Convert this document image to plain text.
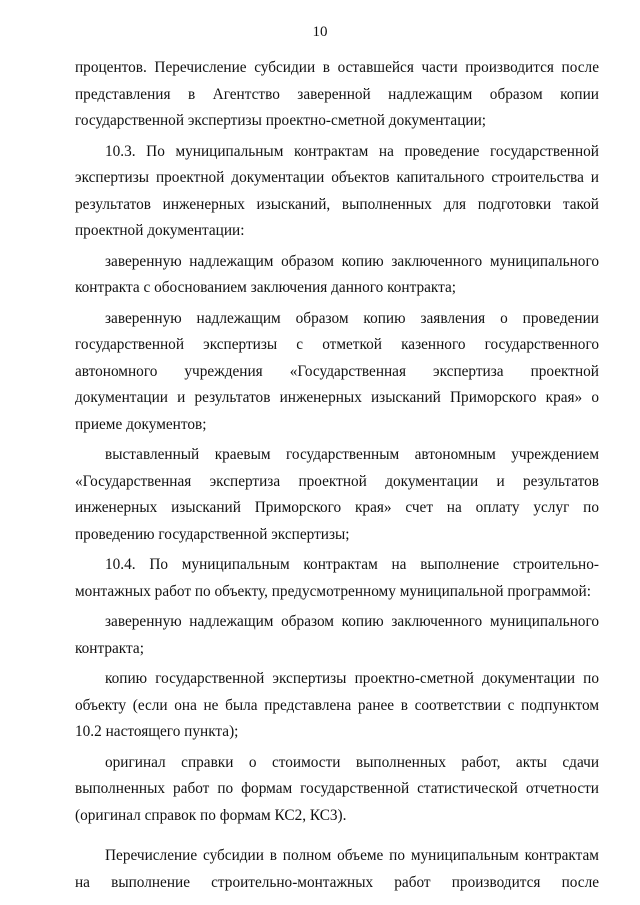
10

процентов. Перечисление субсидии в оставшейся части производится после представления в Агентство заверенной надлежащим образом копии государственной экспертизы проектно-сметной документации;

10.3. По муниципальным контрактам на проведение государственной экспертизы проектной документации объектов капитального строительства и результатов инженерных изысканий, выполненных для подготовки такой проектной документации:

заверенную надлежащим образом копию заключенного муниципального контракта с обоснованием заключения данного контракта;

заверенную надлежащим образом копию заявления о проведении государственной экспертизы с отметкой казенного государственного автономного учреждения «Государственная экспертиза проектной документации и результатов инженерных изысканий Приморского края» о приеме документов;

выставленный краевым государственным автономным учреждением «Государственная экспертиза проектной документации и результатов инженерных изысканий Приморского края» счет на оплату услуг по проведению государственной экспертизы;

10.4. По муниципальным контрактам на выполнение строительно-монтажных работ по объекту, предусмотренному муниципальной программой:

заверенную надлежащим образом копию заключенного муниципального контракта;

копию государственной экспертизы проектно-сметной документации по объекту (если она не была представлена ранее в соответствии с подпунктом 10.2 настоящего пункта);

оригинал справки о стоимости выполненных работ, акты сдачи выполненных работ по формам государственной статистической отчетности (оригинал справок по формам КС2, КС3).

Перечисление субсидии в полном объеме по муниципальным контрактам на выполнение строительно-монтажных работ производится после
